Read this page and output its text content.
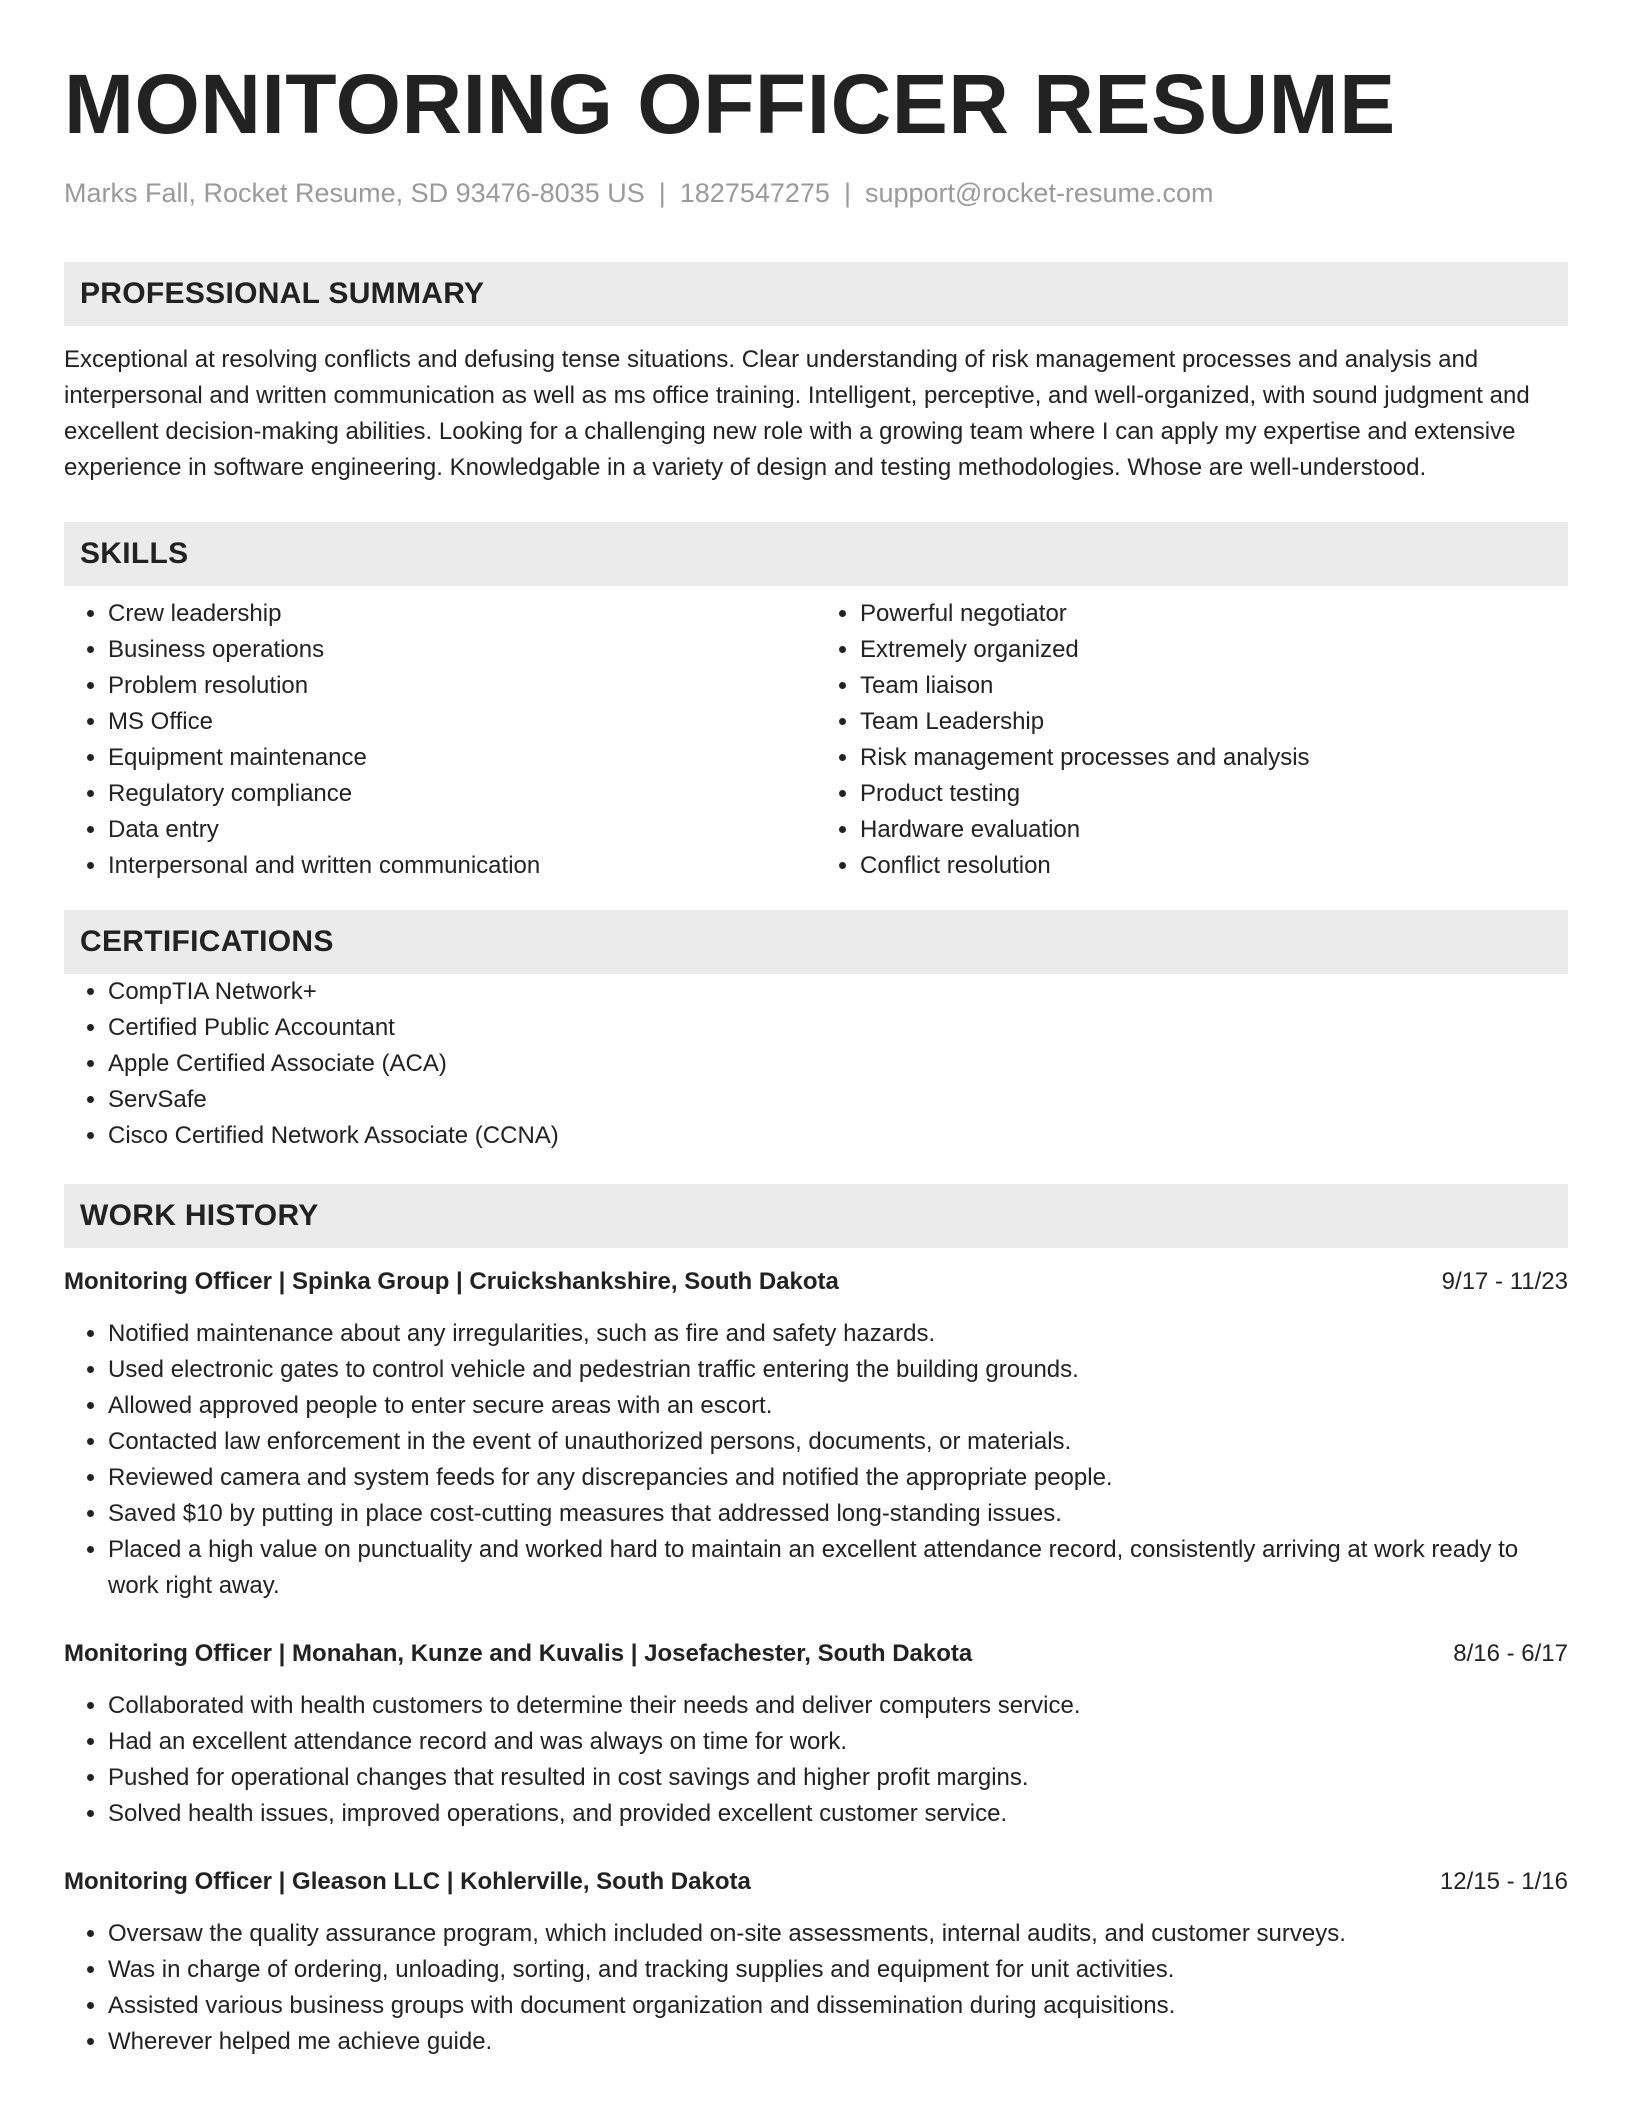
MONITORING OFFICER RESUME
Marks Fall, Rocket Resume, SD 93476-8035 US | 1827547275 | support@rocket-resume.com
PROFESSIONAL SUMMARY

Exceptional at resolving conflicts and defusing tense situations. Clear understanding of risk management processes and analysis and interpersonal and written communication as well as ms office training. Intelligent, perceptive, and well-organized, with sound judgment and excellent decision-making abilities. Looking for a challenging new role with a growing team where I can apply my expertise and extensive experience in software engineering. Knowledgable in a variety of design and testing methodologies. Whose are well-understood.

SKILLS
• Crew leadership
• Business operations
• Problem resolution
• MS Office
• Equipment maintenance
• Regulatory compliance
• Data entry
• Interpersonal and written communication
• Powerful negotiator
• Extremely organized
• Team liaison
• Team Leadership
• Risk management processes and analysis
• Product testing
• Hardware evaluation
• Conflict resolution
CERTIFICATIONS
• CompTIA Network+
• Certified Public Accountant
• Apple Certified Associate (ACA)
• ServSafe
• Cisco Certified Network Associate (CCNA)
WORK HISTORY
Monitoring Officer | Spinka Group | Cruickshankshire, South Dakota	9/17 - 11/23
• Notified maintenance about any irregularities, such as fire and safety hazards.
• Used electronic gates to control vehicle and pedestrian traffic entering the building grounds.
• Allowed approved people to enter secure areas with an escort.
• Contacted law enforcement in the event of unauthorized persons, documents, or materials.
• Reviewed camera and system feeds for any discrepancies and notified the appropriate people.
• Saved $10 by putting in place cost-cutting measures that addressed long-standing issues.
• Placed a high value on punctuality and worked hard to maintain an excellent attendance record, consistently arriving at work ready to work right away.
Monitoring Officer | Monahan, Kunze and Kuvalis | Josefachester, South Dakota	8/16 - 6/17
• Collaborated with health customers to determine their needs and deliver computers service.
• Had an excellent attendance record and was always on time for work.
• Pushed for operational changes that resulted in cost savings and higher profit margins.
• Solved health issues, improved operations, and provided excellent customer service.
Monitoring Officer | Gleason LLC | Kohlerville, South Dakota	12/15 - 1/16
• Oversaw the quality assurance program, which included on-site assessments, internal audits, and customer surveys.
• Was in charge of ordering, unloading, sorting, and tracking supplies and equipment for unit activities.
• Assisted various business groups with document organization and dissemination during acquisitions.
• Wherever helped me achieve guide.
